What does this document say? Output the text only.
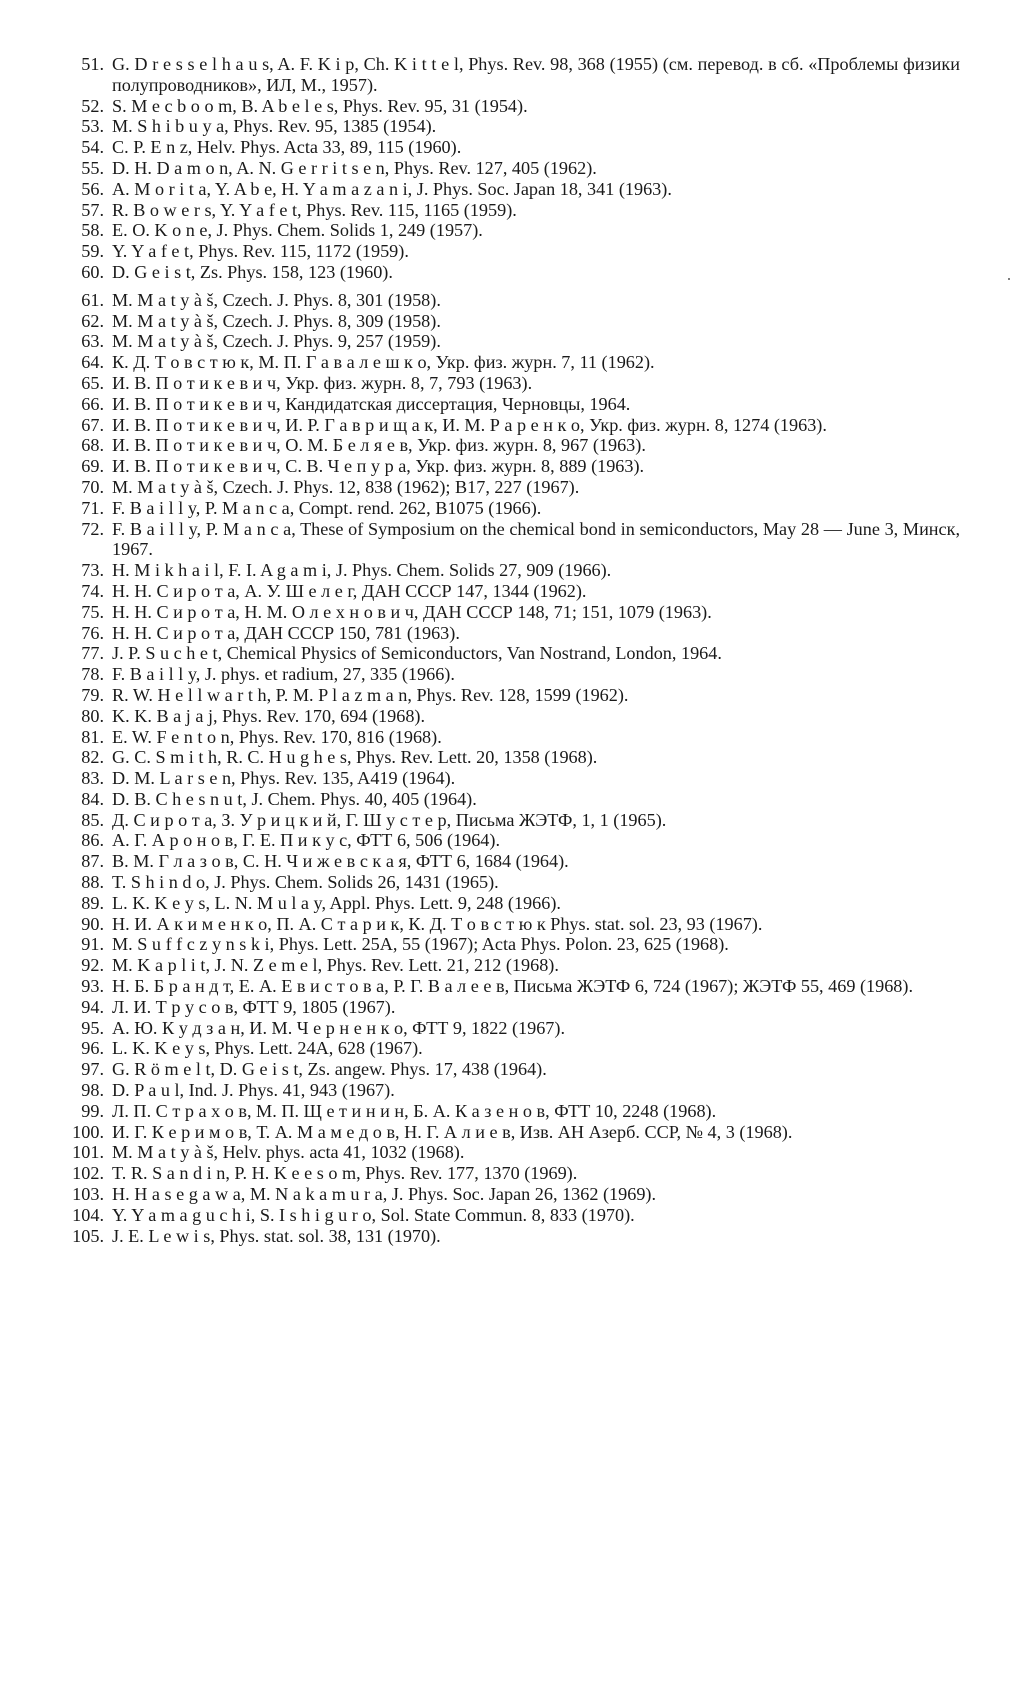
51. G. D r e s s e l h a u s, A. F. K i p, Ch. K i t t e l, Phys. Rev. 98, 368 (1955) (см. перевод. в сб. «Проблемы физики полупроводников», ИЛ, М., 1957).
52. S. M e c b o o m, B. A b e l e s, Phys. Rev. 95, 31 (1954).
53. M. S h i b u y a, Phys. Rev. 95, 1385 (1954).
54. C. P. E n z, Helv. Phys. Acta 33, 89, 115 (1960).
55. D. H. D a m o n, A. N. G e r r i t s e n, Phys. Rev. 127, 405 (1962).
56. A. M o r i t a, Y. A b e, H. Y a m a z a n i, J. Phys. Soc. Japan 18, 341 (1963).
57. R. B o w e r s, Y. Y a f e t, Phys. Rev. 115, 1165 (1959).
58. E. O. K o n e, J. Phys. Chem. Solids 1, 249 (1957).
59. Y. Y a f e t, Phys. Rev. 115, 1172 (1959).
60. D. G e i s t, Zs. Phys. 158, 123 (1960).
61. M. M a t y à š, Czech. J. Phys. 8, 301 (1958).
62. M. M a t y à š, Czech. J. Phys. 8, 309 (1958).
63. M. M a t y à š, Czech. J. Phys. 9, 257 (1959).
64. К. Д. Т о в с т ю к, М. П. Г а в а л е ш к о, Укр. физ. журн. 7, 11 (1962).
65. И. В. П о т и к е в и ч, Укр. физ. журн. 8, 7, 793 (1963).
66. И. В. П о т и к е в и ч, Кандидатская диссертация, Черновцы, 1964.
67. И. В. П о т и к е в и ч, И. Р. Г а в р и щ а к, И. М. Р а р е н к о, Укр. физ. журн. 8, 1274 (1963).
68. И. В. П о т и к е в и ч, О. М. Б е л я е в, Укр. физ. журн. 8, 967 (1963).
69. И. В. П о т и к е в и ч, С. В. Ч е п у р а, Укр. физ. журн. 8, 889 (1963).
70. M. M a t y à š, Czech. J. Phys. 12, 838 (1962); B17, 227 (1967).
71. F. B a i l l y, P. M a n c a, Compt. rend. 262, B1075 (1966).
72. F. B a i l l y, P. M a n c a, These of Symposium on the chemical bond in semiconductors, May 28 — June 3, Минск, 1967.
73. H. M i k h a i l, F. I. A g a m i, J. Phys. Chem. Solids 27, 909 (1966).
74. Н. Н. С и р о т а, А. У. Ш е л е г, ДАН СССР 147, 1344 (1962).
75. Н. Н. С и р о т а, Н. М. О л е х н о в и ч, ДАН СССР 148, 71; 151, 1079 (1963).
76. Н. Н. С и р о т а, ДАН СССР 150, 781 (1963).
77. J. P. S u c h e t, Chemical Physics of Semiconductors, Van Nostrand, London, 1964.
78. F. B a i l l y, J. phys. et radium, 27, 335 (1966).
79. R. W. H e l l w a r t h, P. M. P l a z m a n, Phys. Rev. 128, 1599 (1962).
80. K. K. B a j a j, Phys. Rev. 170, 694 (1968).
81. E. W. F e n t o n, Phys. Rev. 170, 816 (1968).
82. G. C. S m i t h, R. C. H u g h e s, Phys. Rev. Lett. 20, 1358 (1968).
83. D. M. L a r s e n, Phys. Rev. 135, A419 (1964).
84. D. B. C h e s n u t, J. Chem. Phys. 40, 405 (1964).
85. Д. С и р о т а, З. У р и ц к и й, Г. Ш у с т е р, Письма ЖЭТФ, 1, 1 (1965).
86. А. Г. А р о н о в, Г. Е. П и к у с, ФТТ 6, 506 (1964).
87. В. М. Г л а з о в, С. Н. Ч и ж е в с к а я, ФТТ 6, 1684 (1964).
88. T. S h i n d o, J. Phys. Chem. Solids 26, 1431 (1965).
89. L. K. K e y s, L. N. M u l a y, Appl. Phys. Lett. 9, 248 (1966).
90. Н. И. А к и м е н к о, П. А. С т а р и к, К. Д. Т о в с т ю к Phys. stat. sol. 23, 93 (1967).
91. M. S u f f c z y n s k i, Phys. Lett. 25A, 55 (1967); Acta Phys. Polon. 23, 625 (1968).
92. M. K a p l i t, J. N. Z e m e l, Phys. Rev. Lett. 21, 212 (1968).
93. Н. Б. Б р а н д т, Е. А. Е в и с т о в а, Р. Г. В а л е е в, Письма ЖЭТФ 6, 724 (1967); ЖЭТФ 55, 469 (1968).
94. Л. И. Т р у с о в, ФТТ 9, 1805 (1967).
95. А. Ю. К у д з а н, И. М. Ч е р н е н к о, ФТТ 9, 1822 (1967).
96. L. K. K e y s, Phys. Lett. 24A, 628 (1967).
97. G. R ö m e l t, D. G e i s t, Zs. angew. Phys. 17, 438 (1964).
98. D. P a u l, Ind. J. Phys. 41, 943 (1967).
99. Л. П. С т р а х о в, М. П. Щ е т и н и н, Б. А. К а з е н о в, ФТТ 10, 2248 (1968).
100. И. Г. К е р и м о в, Т. А. М а м е д о в, Н. Г. А л и е в, Изв. АН Азерб. ССР, № 4, 3 (1968).
101. M. M a t y à š, Helv. phys. acta 41, 1032 (1968).
102. T. R. S a n d i n, P. H. K e e s o m, Phys. Rev. 177, 1370 (1969).
103. H. H a s e g a w a, M. N a k a m u r a, J. Phys. Soc. Japan 26, 1362 (1969).
104. Y. Y a m a g u c h i, S. I s h i g u r o, Sol. State Commun. 8, 833 (1970).
105. J. E. L e w i s, Phys. stat. sol. 38, 131 (1970).
